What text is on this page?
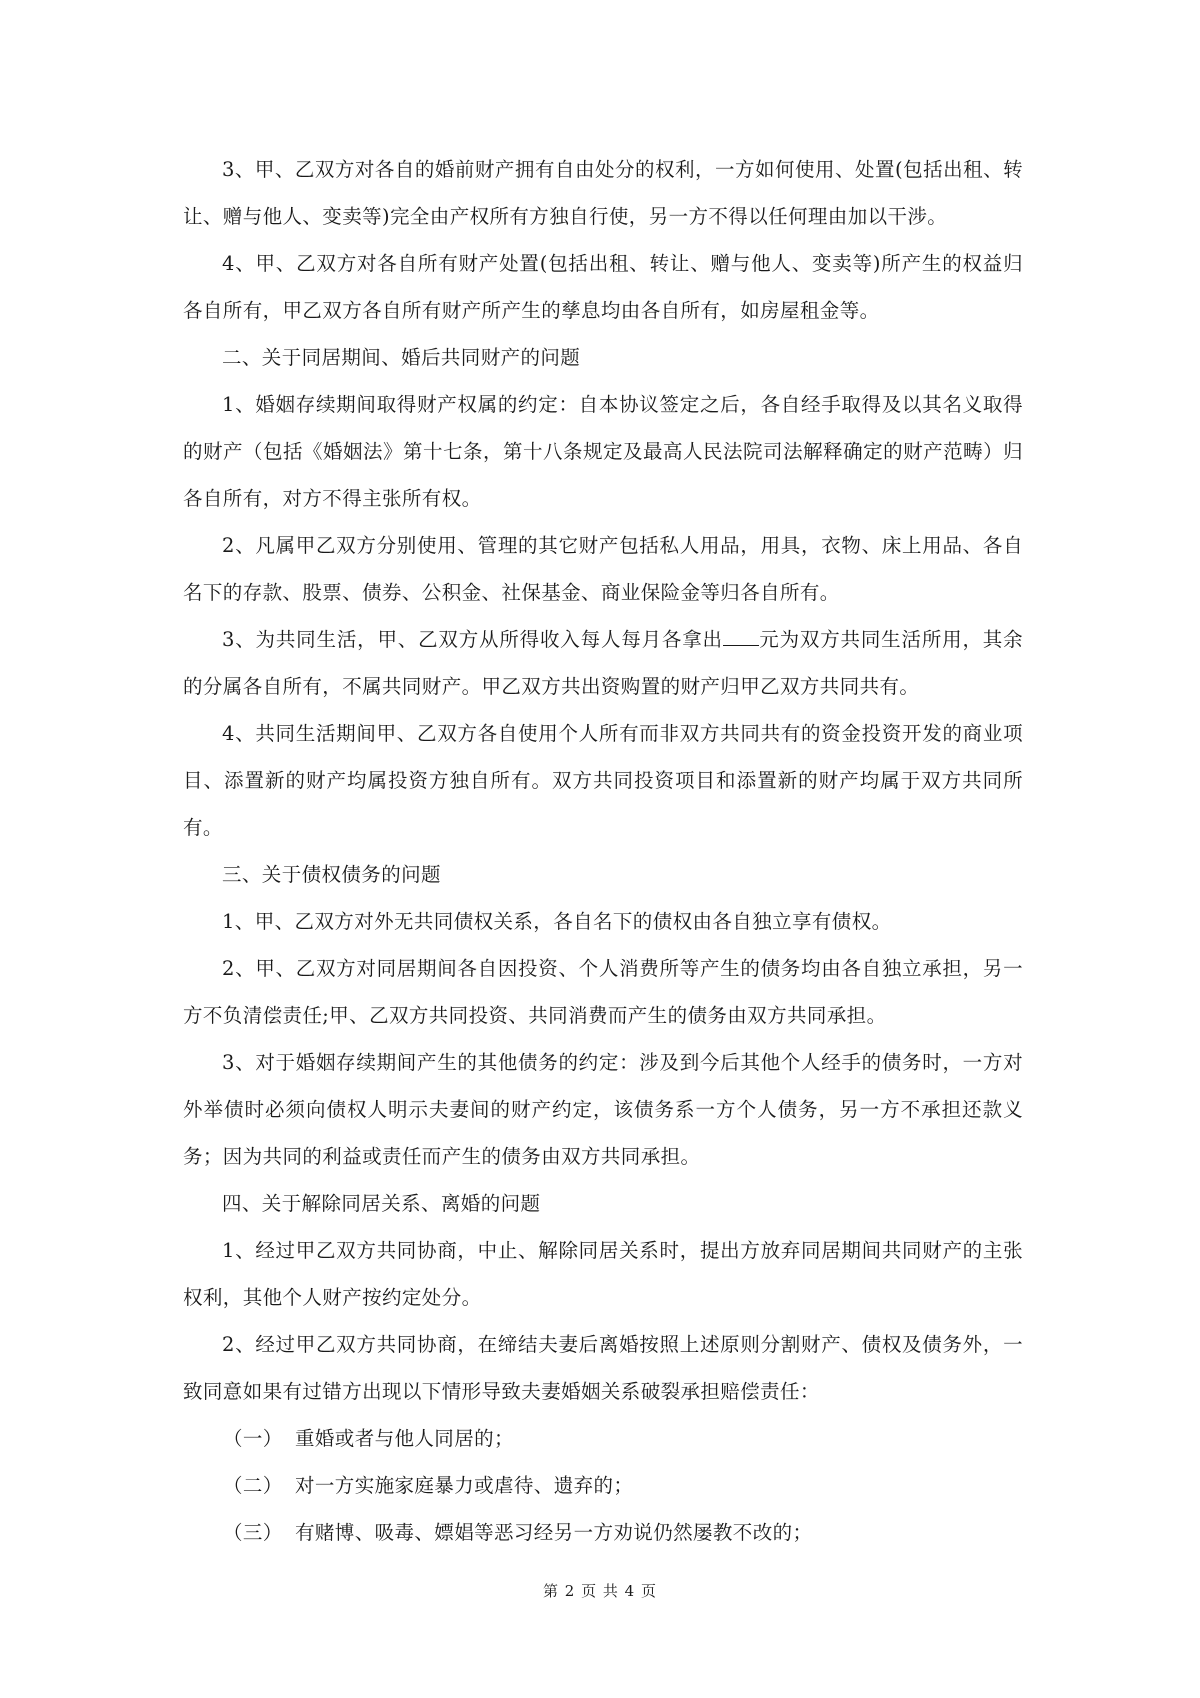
3、甲、乙双方对各自的婚前财产拥有自由处分的权利，一方如何使用、处置(包括出租、转让、赠与他人、变卖等)完全由产权所有方独自行使，另一方不得以任何理由加以干涉。

4、甲、乙双方对各自所有财产处置(包括出租、转让、赠与他人、变卖等)所产生的权益归各自所有，甲乙双方各自所有财产所产生的孳息均由各自所有，如房屋租金等。

二、关于同居期间、婚后共同财产的问题

1、婚姻存续期间取得财产权属的约定：自本协议签定之后，各自经手取得及以其名义取得的财产（包括《婚姻法》第十七条，第十八条规定及最高人民法院司法解释确定的财产范畴）归各自所有，对方不得主张所有权。

2、凡属甲乙双方分别使用、管理的其它财产包括私人用品，用具，衣物、床上用品、各自名下的存款、股票、债券、公积金、社保基金、商业保险金等归各自所有。

3、为共同生活，甲、乙双方从所得收入每人每月各拿出 元为双方共同生活所用，其余的分属各自所有，不属共同财产。甲乙双方共出资购置的财产归甲乙双方共同共有。

4、共同生活期间甲、乙双方各自使用个人所有而非双方共同共有的资金投资开发的商业项目、添置新的财产均属投资方独自所有。双方共同投资项目和添置新的财产均属于双方共同所有。

三、关于债权债务的问题

1、甲、乙双方对外无共同债权关系，各自名下的债权由各自独立享有债权。

2、甲、乙双方对同居期间各自因投资、个人消费所等产生的债务均由各自独立承担，另一方不负清偿责任;甲、乙双方共同投资、共同消费而产生的债务由双方共同承担。

3、对于婚姻存续期间产生的其他债务的约定：涉及到今后其他个人经手的债务时，一方对外举债时必须向债权人明示夫妻间的财产约定，该债务系一方个人债务，另一方不承担还款义务；因为共同的利益或责任而产生的债务由双方共同承担。

四、关于解除同居关系、离婚的问题

1、经过甲乙双方共同协商，中止、解除同居关系时，提出方放弃同居期间共同财产的主张权利，其他个人财产按约定处分。

2、经过甲乙双方共同协商，在缔结夫妻后离婚按照上述原则分割财产、债权及债务外，一致同意如果有过错方出现以下情形导致夫妻婚姻关系破裂承担赔偿责任：

（一） 重婚或者与他人同居的；

（二） 对一方实施家庭暴力或虐待、遗弃的；

（三） 有赌博、吸毒、嫖娼等恶习经另一方劝说仍然屡教不改的；

第 2 页 共 4 页
